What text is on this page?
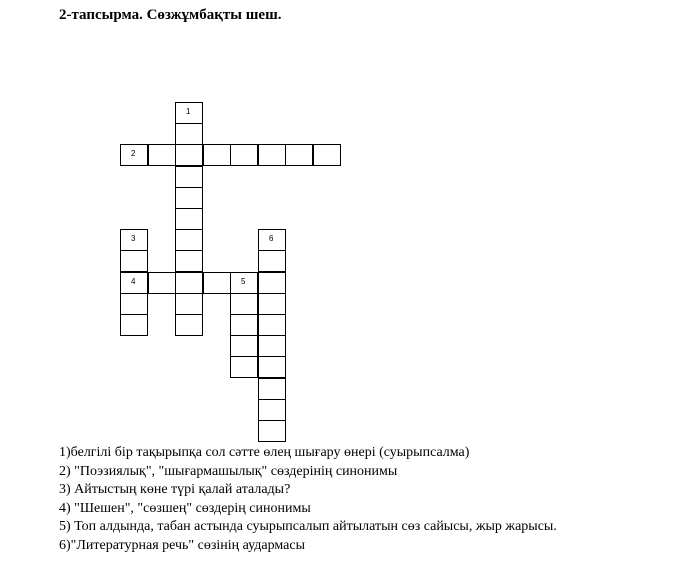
2-тапсырма. Сөзжұмбақты шеш.
1
2
3
4	5
6
1)белгілі бір тақырыпқа сол сәтте өлең шығару өнері (суырыпсалма)
2) "Поэзиялық", "шығармашылық" сөздерінің синонимы
3) Айтыстың көне түрі қалай аталады?
4) "Шешен", "сөзшең" сөздерің синонимы
5) Топ алдында, табан астында суырыпсалып айтылатын сөз сайысы, жыр жарысы.
6)"Литературная речь" сөзінің аудармасы
